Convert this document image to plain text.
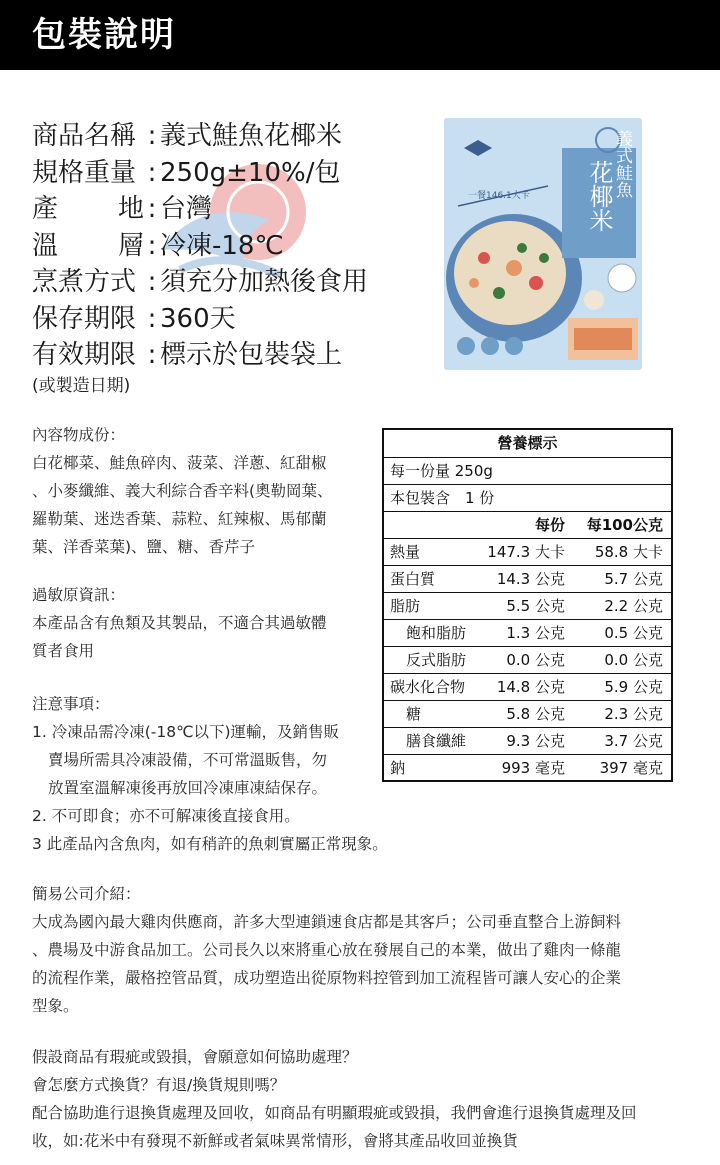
包裝說明
商品名稱 : 義式鮭魚花椰米
規格重量 : 250g±10%/包
產 地 : 台灣
溫 層 : 冷凍-18℃
烹煮方式 : 須充分加熱後食用
保存期限 : 360天
有效期限 : 標示於包裝袋上
(或製造日期)
花椰米 義式鮭魚
一餐146.1大卡
內容物成份：
白花椰菜、鮭魚碎肉、菠菜、洋蔥、紅甜椒
、小麥纖維、義大利綜合香辛料(奧勒岡葉、
羅勒葉、迷迭香葉、蒜粒、紅辣椒、馬郁蘭
葉、洋香菜葉)、鹽、糖、香芹子
過敏原資訊：
本產品含有魚類及其製品，不適合其過敏體
質者食用
注意事項：
1. 冷凍品需冷凍(-18℃以下)運輸，及銷售販
賣場所需具冷凍設備，不可常溫販售，勿
放置室溫解凍後再放回冷凍庫凍結保存。
2. 不可即食；亦不可解凍後直接食用。
3 此產品內含魚肉，如有稍許的魚刺實屬正常現象。
營養標示
每一份量 250g
本包裝含　1 份
每份 每100公克
熱量	147.3 大卡 58.8 大卡
蛋白質	14.3 公克	5.7 公克
脂肪	5.5 公克	2.2 公克
飽和脂肪	1.3 公克	0.5 公克
反式脂肪	0.0 公克	0.0 公克
碳水化合物 14.8 公克	5.9 公克
糖	5.8 公克	2.3 公克
膳食纖維	9.3 公克	3.7 公克
鈉	993 毫克 397 毫克
簡易公司介紹：
大成為國內最大雞肉供應商，許多大型連鎖速食店都是其客戶；公司垂直整合上游飼料
、農場及中游食品加工。公司長久以來將重心放在發展自己的本業，做出了雞肉一條龍
的流程作業，嚴格控管品質，成功塑造出從原物料控管到加工流程皆可讓人安心的企業
型象。
假設商品有瑕疵或毀損，會願意如何協助處理？
會怎麼方式換貨？有退/換貨規則嗎？
配合協助進行退換貨處理及回收，如商品有明顯瑕疵或毀損，我們會進行退換貨處理及回
收，如:花米中有發現不新鮮或者氣味異常情形，會將其產品收回並換貨
